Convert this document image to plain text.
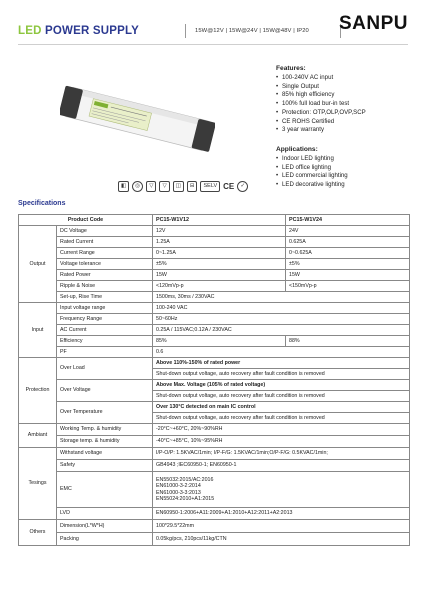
LED POWER SUPPLY	15W@12V | 15W@24V | 15W@48V | IP20 SANPU
◧	◎	▽	▽	◫	⊟	SELV CE	✓
Features:
• 100-240V AC input
• Single Output
• 85% high efficiency
• 100% full load bur-in test
• Protection: OTP,OLP,OVP,SCP
• CE ROHS Certified
• 3 year warranty
Applications:
• Indoor LED lighting
• LED office lighting
• LED commercial lighting
• LED decorative lighting
Specifications
Product Code		PC15-W1V12	PC15-W1V24
Output	DC Voltage	12V	24V
	Rated Current	1.25A	0.625A
	Current Range	0~1.25A	0~0.625A
	Voltage tolerance	±5%	±5%
	Rated Power	15W	15W
	Ripple & Noise	<120mVp-p	<150mVp-p
	Set-up, Rise Time	1500ms, 30ms / 230VAC	
Input	Input voltage range	100-240 VAC	
	Frequency Range	50~60Hz	
	AC Current	0.25A / 115VAC;0.12A / 230VAC	
	Efficiency	85%	88%
	PF	0.6	
Protection	Over Load	Above 110%-150% of rated power	
		Shut-down output voltage, auto recovery after fault condition is removed	
	Over Voltage	Above Max. Voltage (105% of rated voltage)	
		Shut-down output voltage, auto recovery after fault condition is removed	
	Over Temperature	Over 130°C detected on main IC control	
		Shut-down output voltage, auto recovery after fault condition is removed	
Ambiant	Working Temp. & humidity	-20°C~+60°C, 20%~90%RH	
	Storage temp. & humidity	-40°C~+85°C, 10%~95%RH	
Tesings	Withstand voltage	I/P-O/P: 1.5KVAC/1min; I/P-F/G: 1.5KVAC/1min;O/P-F/G: 0.5KVAC/1min;	
	Safety	GB4943 ;IEC60950-1; EN60950-1	
	EMC	EN55032:2015/AC:2016
EN61000-3-2:2014
EN61000-3-3:2013
EN55024:2010+A1:2015	

	LVD	EN60950-1:2006+A11:2009+A1:2010+A12:2011+A2:2013	
Others	Dimension(L*W*H)	100*29.5*22mm	
	Packing	0.05kg/pcs, 210pcs/11kg/CTN	
